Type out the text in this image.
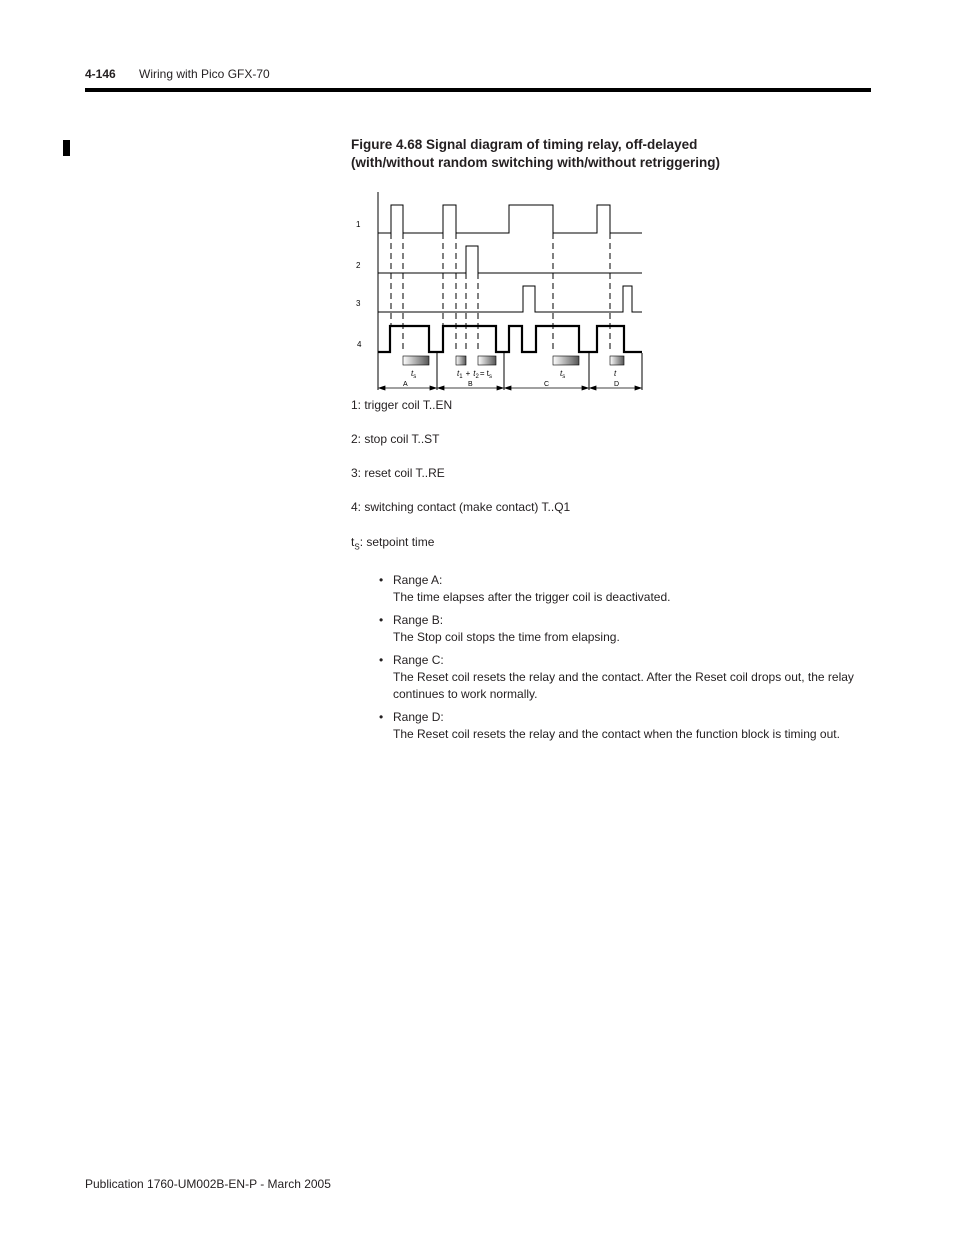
4-146 Wiring with Pico GFX-70

Figure 4.68 Signal diagram of timing relay, off-delayed
(with/without random switching with/without retriggering)

1
2
3
4
$t_s$	$t_1 + t_2= t_s$	$t_s$	t
A	B	C	D
1: trigger coil T..EN
2: stop coil T..ST
3: reset coil T..RE
4: switching contact (make contact) T..Q1
$t_S$: setpoint time
• Range A:
The time elapses after the trigger coil is deactivated.
• Range B:
The Stop coil stops the time from elapsing.
• Range C:
The Reset coil resets the relay and the contact. After the Reset coil drops out, the relay continues to work normally.
• Range D:
The Reset coil resets the relay and the contact when the function block is timing out.
Publication 1760-UM002B-EN-P - March 2005
